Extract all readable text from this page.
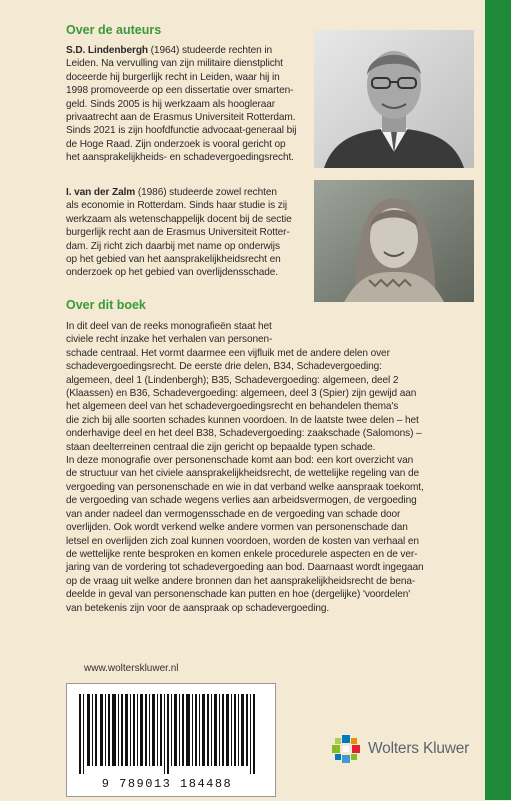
Over de auteurs
S.D. Lindenbergh (1964) studeerde rechten in
Leiden. Na vervulling van zijn militaire dienstplicht
doceerde hij burgerlijk recht in Leiden, waar hij in
1998 promoveerde op een dissertatie over smarten-
geld. Sinds 2005 is hij werkzaam als hoogleraar
privaatrecht aan de Erasmus Universiteit Rotterdam.
Sinds 2021 is zijn hoofdfunctie advocaat-generaal bij
de Hoge Raad. Zijn onderzoek is vooral gericht op
het aansprakelijkheids- en schadevergoedingsrecht.
I. van der Zalm (1986) studeerde zowel rechten
als economie in Rotterdam. Sinds haar studie is zij
werkzaam als wetenschappelijk docent bij de sectie
burgerlijk recht aan de Erasmus Universiteit Rotter-
dam. Zij richt zich daarbij met name op onderwijs
op het gebied van het aansprakelijkheidsrecht en
onderzoek op het gebied van overlijdensschade.
Over dit boek
In dit deel van de reeks monografieën staat het
civiele recht inzake het verhalen van personen-
schade centraal. Het vormt daarmee een vijfluik met de andere delen over
schadevergoedingsrecht. De eerste drie delen, B34, Schadevergoeding:
algemeen, deel 1 (Lindenbergh); B35, Schadevergoeding: algemeen, deel 2
(Klaassen) en B36, Schadevergoeding: algemeen, deel 3 (Spier) zijn gewijd aan
het algemeen deel van het schadevergoedingsrecht en behandelen thema's
die zich bij alle soorten schades kunnen voordoen. In de laatste twee delen – het
onderhavige deel en het deel B38, Schadevergoeding: zaakschade (Salomons) –
staan deelterreinen centraal die zijn gericht op bepaalde typen schade.
In deze monografie over personenschade komt aan bod: een kort overzicht van
de structuur van het civiele aansprakelijkheidsrecht, de wettelijke regeling van de
vergoeding van personenschade en wie in dat verband welke aanspraak toekomt,
de vergoeding van schade wegens verlies aan arbeidsvermogen, de vergoeding
van ander nadeel dan vermogensschade en de vergoeding van schade door
overlijden. Ook wordt verkend welke andere vormen van personenschade dan
letsel en overlijden zich zoal kunnen voordoen, worden de kosten van verhaal en
de wettelijke rente besproken en komen enkele procedurele aspecten en de ver-
jaring van de vordering tot schadevergoeding aan bod. Daarnaast wordt ingegaan
op de vraag uit welke andere bronnen dan het aansprakelijkheidsrecht de bena-
deelde in geval van personenschade kan putten en hoe (dergelijke) 'voordelen'
van betekenis zijn voor de aanspraak op schadevergoeding.
www.wolterskluwer.nl
9 789013 184488
Wolters Kluwer
